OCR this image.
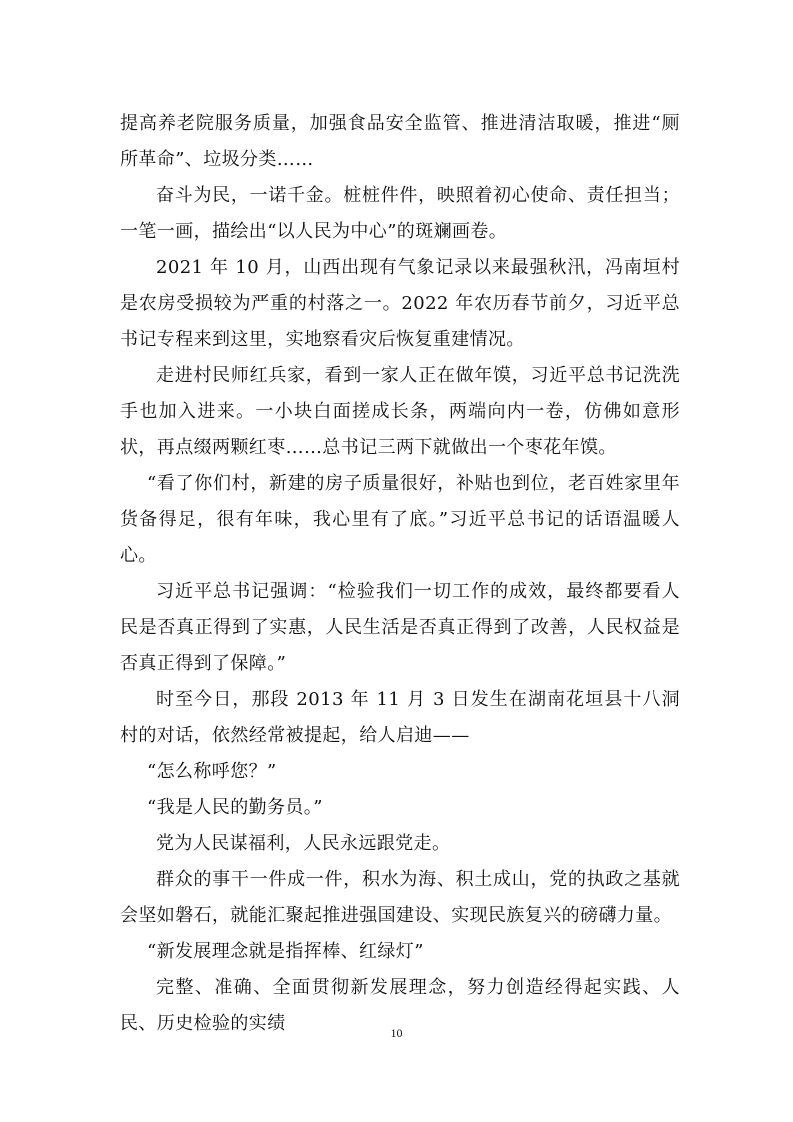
提高养老院服务质量，加强食品安全监管、推进清洁取暖，推进“厕所革命”、垃圾分类……

奋斗为民，一诺千金。桩桩件件，映照着初心使命、责任担当；一笔一画，描绘出“以人民为中心”的斑斓画卷。

2021 年 10 月，山西出现有气象记录以来最强秋汛，冯南垣村是农房受损较为严重的村落之一。2022 年农历春节前夕，习近平总书记专程来到这里，实地察看灾后恢复重建情况。

走进村民师红兵家，看到一家人正在做年馍，习近平总书记洗洗手也加入进来。一小块白面搓成长条，两端向内一卷，仿佛如意形状，再点缀两颗红枣……总书记三两下就做出一个枣花年馍。

“看了你们村，新建的房子质量很好，补贴也到位，老百姓家里年货备得足，很有年味，我心里有了底。”习近平总书记的话语温暖人心。

习近平总书记强调：“检验我们一切工作的成效，最终都要看人民是否真正得到了实惠，人民生活是否真正得到了改善，人民权益是否真正得到了保障。”

时至今日，那段 2013 年 11 月 3 日发生在湖南花垣县十八洞村的对话，依然经常被提起，给人启迪——

“怎么称呼您？”

“我是人民的勤务员。”

党为人民谋福利，人民永远跟党走。

群众的事干一件成一件，积水为海、积土成山，党的执政之基就会坚如磐石，就能汇聚起推进强国建设、实现民族复兴的磅礴力量。

“新发展理念就是指挥棒、红绿灯”

完整、准确、全面贯彻新发展理念，努力创造经得起实践、人民、历史检验的实绩	10
